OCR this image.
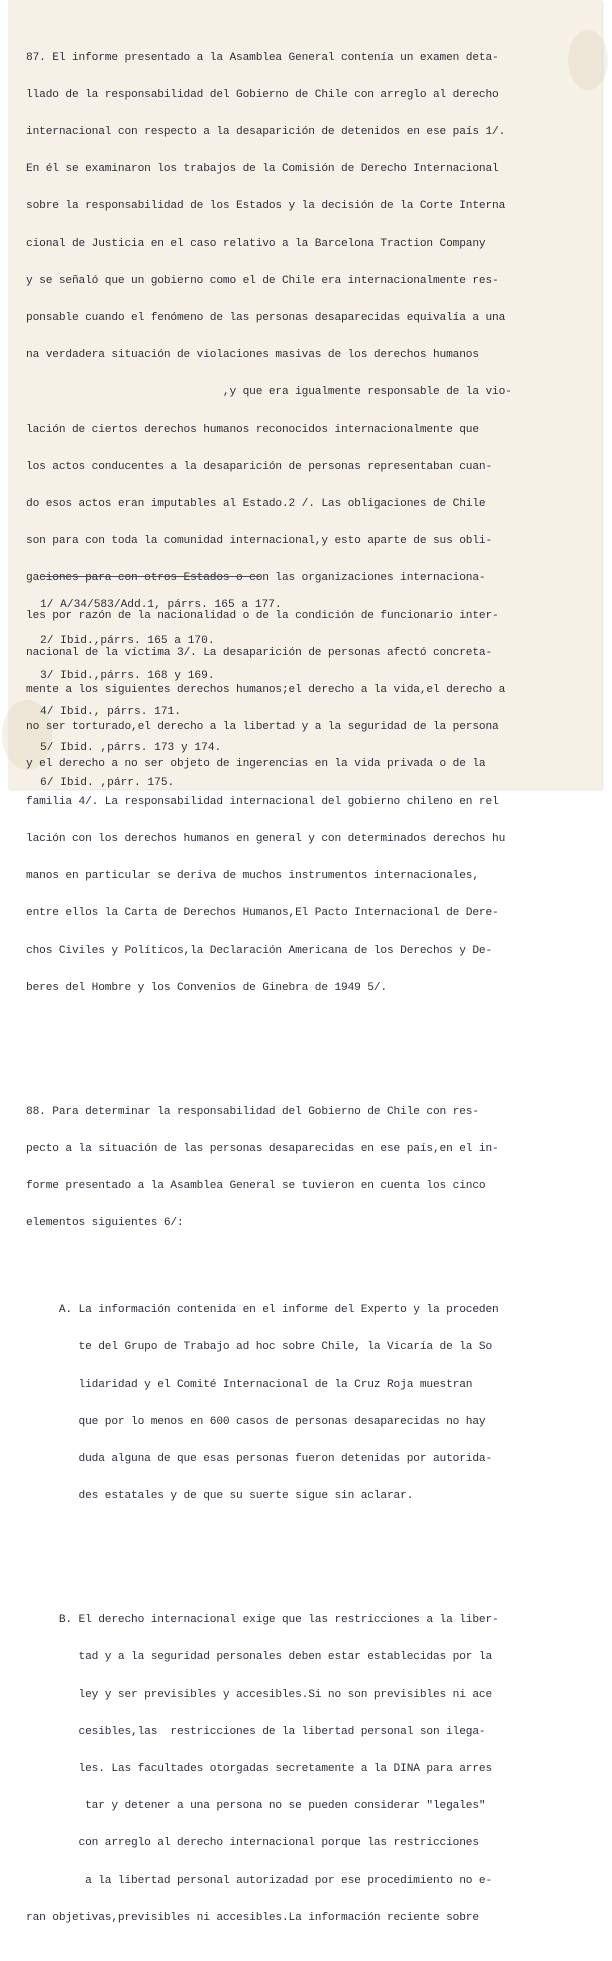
87. El informe presentado a la Asamblea General contenía un examen deta-

llado de la responsabilidad del Gobierno de Chile con arreglo al derecho

internacional con respecto a la desaparición de detenidos en ese país 1/.

En él se examinaron los trabajos de la Comisión de Derecho Internacional

sobre la responsabilidad de los Estados y la decisión de la Corte Interna

cional de Justicia en el caso relativo a la Barcelona Traction Company

y se señaló que un gobierno como el de Chile era internacionalmente res-

ponsable cuando el fenómeno de las personas desaparecidas equivalía a una

na verdadera situación de violaciones masivas de los derechos humanos

,y que era igualmente responsable de la vio-

lación de ciertos derechos humanos reconocidos internacionalmente que

los actos conducentes a la desaparición de personas representaban cuan-

do esos actos eran imputables al Estado.2 /. Las obligaciones de Chile

son para con toda la comunidad internacional,y esto aparte de sus obli-

gaciones para con otros Estados o con las organizaciones internaciona-

les por razón de la nacionalidad o de la condición de funcionario inter-

nacional de la víctima 3/. La desaparición de personas afectó concreta-

mente a los siguientes derechos humanos;el derecho a la vida,el derecho a

no ser torturado,el derecho a la libertad y a la seguridad de la persona

y el derecho a no ser objeto de ingerencias en la vida privada o de la

familia 4/. La responsabilidad internacional del gobierno chileno en rel

lación con los derechos humanos en general y con determinados derechos hu

manos en particular se deriva de muchos instrumentos internacionales,

entre ellos la Carta de Derechos Humanos,El Pacto Internacional de Dere-

chos Civiles y Políticos,la Declaración Americana de los Derechos y De-

beres del Hombre y los Convenios de Ginebra de 1949 5/.

88. Para determinar la responsabilidad del Gobierno de Chile con res-

pecto a la situación de las personas desaparecidas en ese país,en el in-

forme presentado a la Asamblea General se tuvieron en cuenta los cinco

elementos siguientes 6/:

A. La información contenida en el informe del Experto y la proceden

te del Grupo de Trabajo ad hoc sobre Chile, la Vicaría de la So

lidaridad y el Comité Internacional de la Cruz Roja muestran

que por lo menos en 600 casos de personas desaparecidas no hay

duda alguna de que esas personas fueron detenidas por autorida-

des estatales y de que su suerte sigue sin aclarar.

B. El derecho internacional exige que las restricciones a la liber-

tad y a la seguridad personales deben estar establecidas por la

ley y ser previsibles y accesibles.Si no son previsibles ni ace

cesibles,las  restricciones de la libertad personal son ilega-

les. Las facultades otorgadas secretamente a la DINA para arres

tar y detener a una persona no se pueden considerar "legales"

con arreglo al derecho internacional porque las restricciones

a la libertad personal autorizadad por ese procedimiento no e-

ran objetivas,previsibles ni accesibles.La información reciente sobre

1/ A/34/583/Add.1, párrs. 165 a 177.

2/ Ibid.,párrs. 165 a 170.

3/ Ibid.,párrs. 168 y 169.

4/ Ibid., párrs. 171.

5/ Ibid. ,párrs. 173 y 174.

6/ Ibid. ,párr. 175.
